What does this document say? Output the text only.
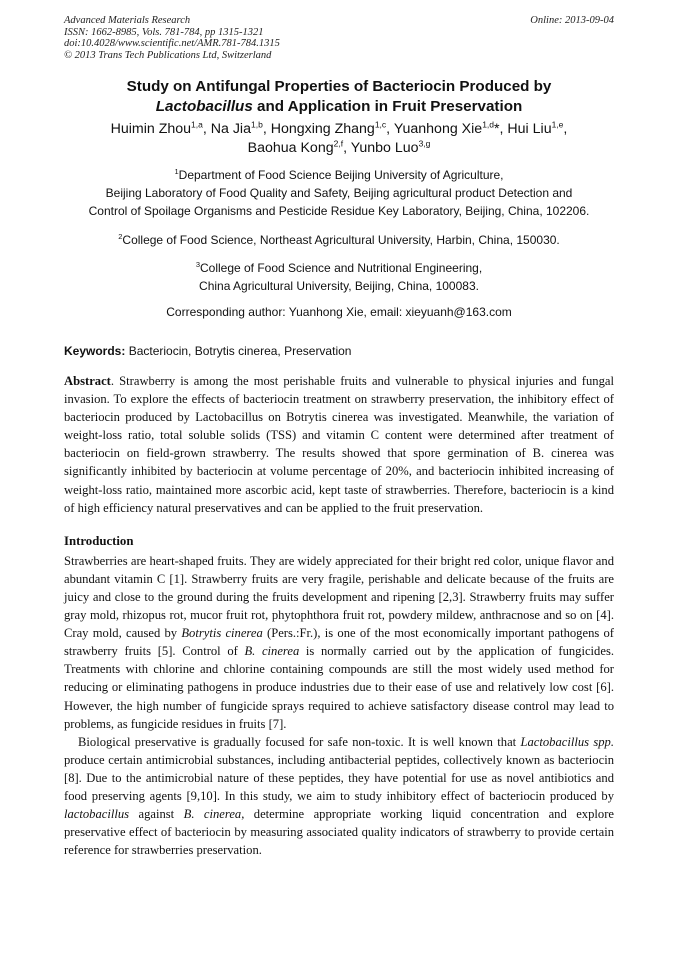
Advanced Materials Research
ISSN: 1662-8985, Vols. 781-784, pp 1315-1321
doi:10.4028/www.scientific.net/AMR.781-784.1315
© 2013 Trans Tech Publications Ltd, Switzerland
Online: 2013-09-04
Study on Antifungal Properties of Bacteriocin Produced by
Lactobacillus and Application in Fruit Preservation
Huimin Zhou$^{1,a}$, Na Jia$^{1,b}$, Hongxing Zhang$^{1,c}$, Yuanhong Xie$^{1,d}$*, Hui Liu$^{1,e}$,
Baohua Kong$^{2,f}$, Yunbo Luo$^{3,g}$
$^1$Department of Food Science Beijing University of Agriculture,
Beijing Laboratory of Food Quality and Safety, Beijing agricultural product Detection and
Control of Spoilage Organisms and Pesticide Residue Key Laboratory, Beijing, China, 102206.
$^2$College of Food Science, Northeast Agricultural University, Harbin, China, 150030.
$^3$College of Food Science and Nutritional Engineering,
China Agricultural University, Beijing, China, 100083.
Corresponding author: Yuanhong Xie, email: xieyuanh@163.com
Keywords: Bacteriocin, Botrytis cinerea, Preservation
Abstract. Strawberry is among the most perishable fruits and vulnerable to physical injuries and fungal invasion. To explore the effects of bacteriocin treatment on strawberry preservation, the inhibitory effect of bacteriocin produced by Lactobacillus on Botrytis cinerea was investigated. Meanwhile, the variation of weight-loss ratio, total soluble solids (TSS) and vitamin C content were determined after treatment of bacteriocin on field-grown strawberry. The results showed that spore germination of B. cinerea was significantly inhibited by bacteriocin at volume percentage of 20%, and bacteriocin inhibited increasing of weight-loss ratio, maintained more ascorbic acid, kept taste of strawberries. Therefore, bacteriocin is a kind of high efficiency natural preservatives and can be applied to the fruit preservation.
Introduction
Strawberries are heart-shaped fruits. They are widely appreciated for their bright red color, unique flavor and abundant vitamin C [1]. Strawberry fruits are very fragile, perishable and delicate because of the fruits are juicy and close to the ground during the fruits development and ripening [2,3]. Strawberry fruits may suffer gray mold, rhizopus rot, mucor fruit rot, phytophthora fruit rot, powdery mildew, anthracnose and so on [4]. Cray mold, caused by Botrytis cinerea (Pers.:Fr.), is one of the most economically important pathogens of strawberry fruits [5]. Control of B. cinerea is normally carried out by the application of fungicides. Treatments with chlorine and chlorine containing compounds are still the most widely used method for reducing or eliminating pathogens in produce industries due to their ease of use and relatively low cost [6]. However, the high number of fungicide sprays required to achieve satisfactory disease control may lead to problems, as fungicide residues in fruits [7].
Biological preservative is gradually focused for safe non-toxic. It is well known that Lactobacillus spp. produce certain antimicrobial substances, including antibacterial peptides, collectively known as bacteriocin [8]. Due to the antimicrobial nature of these peptides, they have potential for use as novel antibiotics and food preserving agents [9,10]. In this study, we aim to study inhibitory effect of bacteriocin produced by lactobacillus against B. cinerea, determine appropriate working liquid concentration and explore preservative effect of bacteriocin by measuring associated quality indicators of strawberry to provide certain reference for strawberries preservation.
